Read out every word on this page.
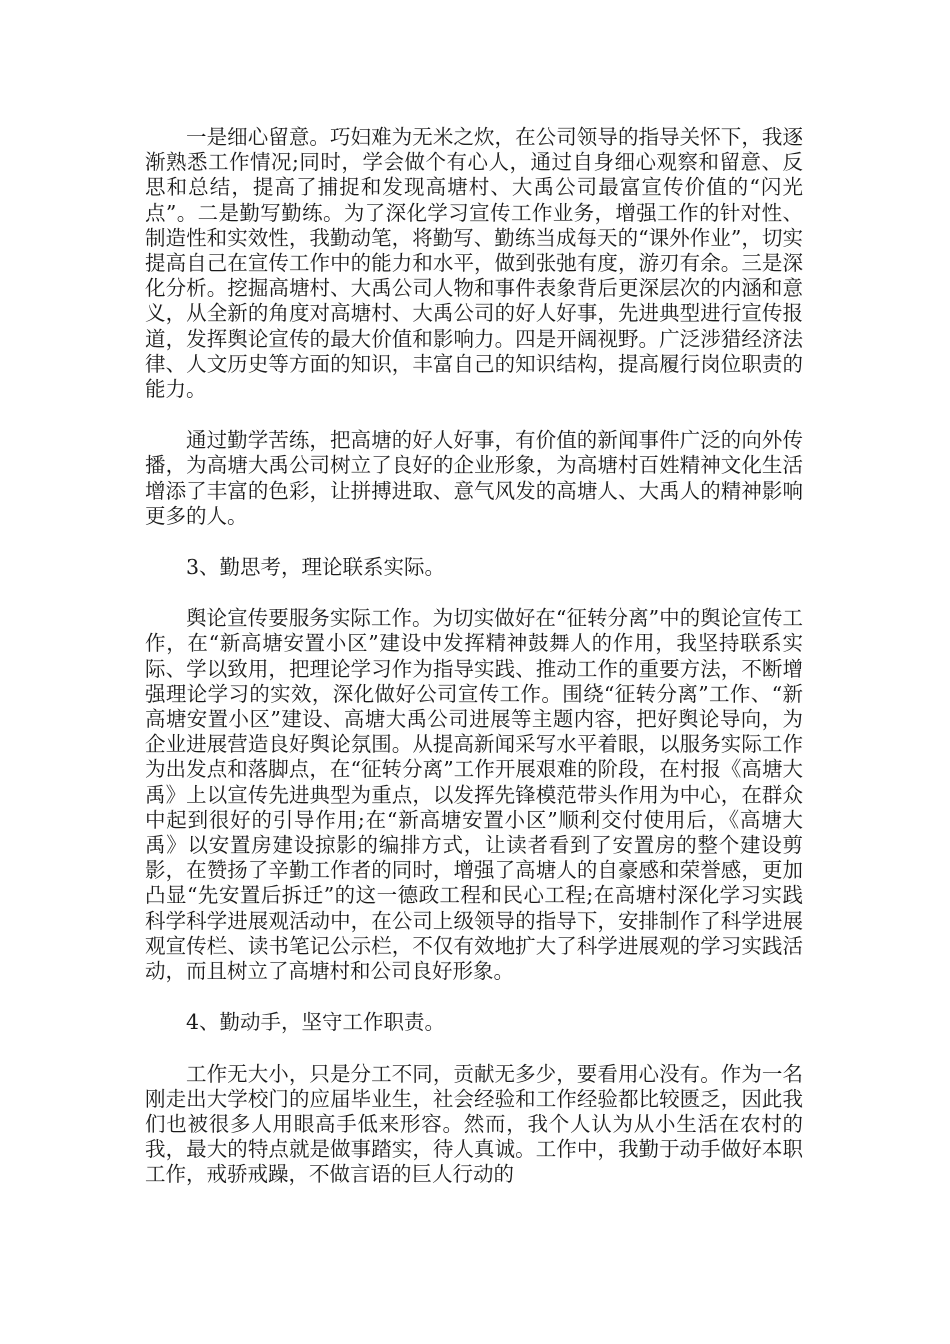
一是细心留意。巧妇难为无米之炊，在公司领导的指导关怀下，我逐渐熟悉工作情况;同时，学会做个有心人，通过自身细心观察和留意、反思和总结，提高了捕捉和发现高塘村、大禹公司最富宣传价值的“闪光点”。二是勤写勤练。为了深化学习宣传工作业务，增强工作的针对性、制造性和实效性，我勤动笔，将勤写、勤练当成每天的“课外作业”，切实提高自己在宣传工作中的能力和水平，做到张弛有度，游刃有余。三是深化分析。挖掘高塘村、大禹公司人物和事件表象背后更深层次的内涵和意义，从全新的角度对高塘村、大禹公司的好人好事，先进典型进行宣传报道，发挥舆论宣传的最大价值和影响力。四是开阔视野。广泛涉猎经济法律、人文历史等方面的知识，丰富自己的知识结构，提高履行岗位职责的能力。

通过勤学苦练，把高塘的好人好事，有价值的新闻事件广泛的向外传播，为高塘大禹公司树立了良好的企业形象，为高塘村百姓精神文化生活增添了丰富的色彩，让拼搏进取、意气风发的高塘人、大禹人的精神影响更多的人。

3、勤思考，理论联系实际。

舆论宣传要服务实际工作。为切实做好在“征转分离”中的舆论宣传工作，在“新高塘安置小区”建设中发挥精神鼓舞人的作用，我坚持联系实际、学以致用，把理论学习作为指导实践、推动工作的重要方法，不断增强理论学习的实效，深化做好公司宣传工作。围绕“征转分离”工作、“新高塘安置小区”建设、高塘大禹公司进展等主题内容，把好舆论导向，为企业进展营造良好舆论氛围。从提高新闻采写水平着眼，以服务实际工作为出发点和落脚点，在“征转分离”工作开展艰难的阶段，在村报《高塘大禹》上以宣传先进典型为重点，以发挥先锋模范带头作用为中心，在群众中起到很好的引导作用;在“新高塘安置小区”顺利交付使用后，《高塘大禹》以安置房建设掠影的编排方式，让读者看到了安置房的整个建设剪影，在赞扬了辛勤工作者的同时，增强了高塘人的自豪感和荣誉感，更加凸显“先安置后拆迁”的这一德政工程和民心工程;在高塘村深化学习实践科学科学进展观活动中，在公司上级领导的指导下，安排制作了科学进展观宣传栏、读书笔记公示栏，不仅有效地扩大了科学进展观的学习实践活动，而且树立了高塘村和公司良好形象。

4、勤动手，坚守工作职责。

工作无大小，只是分工不同，贡献无多少，要看用心没有。作为一名刚走出大学校门的应届毕业生，社会经验和工作经验都比较匮乏，因此我们也被很多人用眼高手低来形容。然而，我个人认为从小生活在农村的我，最大的特点就是做事踏实，待人真诚。工作中，我勤于动手做好本职工作，戒骄戒躁，不做言语的巨人行动的
